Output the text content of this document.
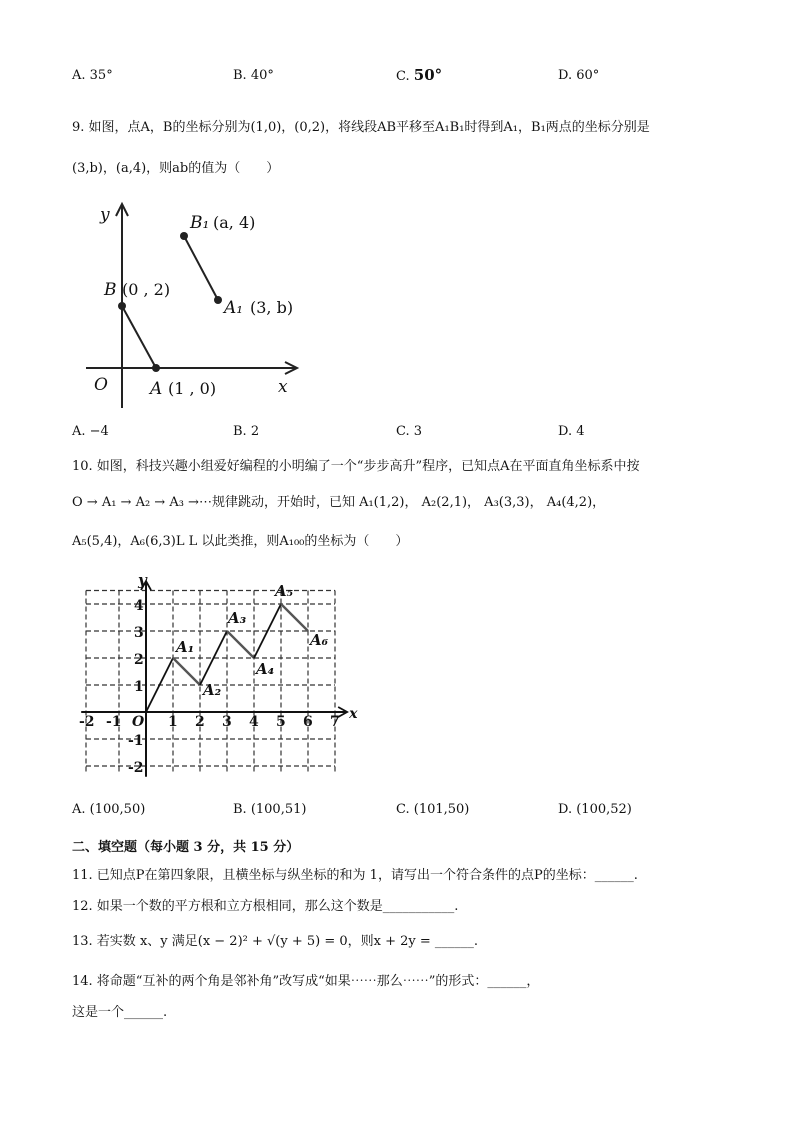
A. 35°	B. 40°	C. 50°	D. 60°
9. 如图，点A，B的坐标分别为(1,0)，(0,2)，将线段AB平移至A₁B₁时得到A₁，B₁两点的坐标分别是
(3,b)，(a,4)，则ab的值为（　　）
y
x
O
B
A
B₁
A₁
(0 , 2)
(1 , 0)
(a, 4)
(3, b)
A. −4	B. 2	C. 3	D. 4
10. 如图，科技兴趣小组爱好编程的小明编了一个“步步高升”程序，已知点A在平面直角坐标系中按
O → A₁ → A₂ → A₃ →⋯规律跳动，开始时，已知 A₁(1,2)， A₂(2,1)， A₃(3,3)， A₄(4,2)，
A₅(5,4)，A₆(6,3)L L 以此类推，则A₁₀₀的坐标为（　　）
-2 -1	1 2 3 4 5 6 7
4
3
2
1
-1
-2
O	x
y
A₁
A₂
A₃
A₄
A₅
A₆
A. (100,50)	B. (100,51)	C. (101,50)	D. (100,52)
二、填空题（每小题 3 分，共 15 分）
11. 已知点P在第四象限，且横坐标与纵坐标的和为 1，请写出一个符合条件的点P的坐标：______.
12. 如果一个数的平方根和立方根相同，那么这个数是___________.
13. 若实数 x、y 满足(x − 2)² + √(y + 5) = 0，则x + 2y = ______.
14. 将命题“互补的两个角是邻补角”改写成“如果⋯⋯那么⋯⋯”的形式：______，
这是一个______.
